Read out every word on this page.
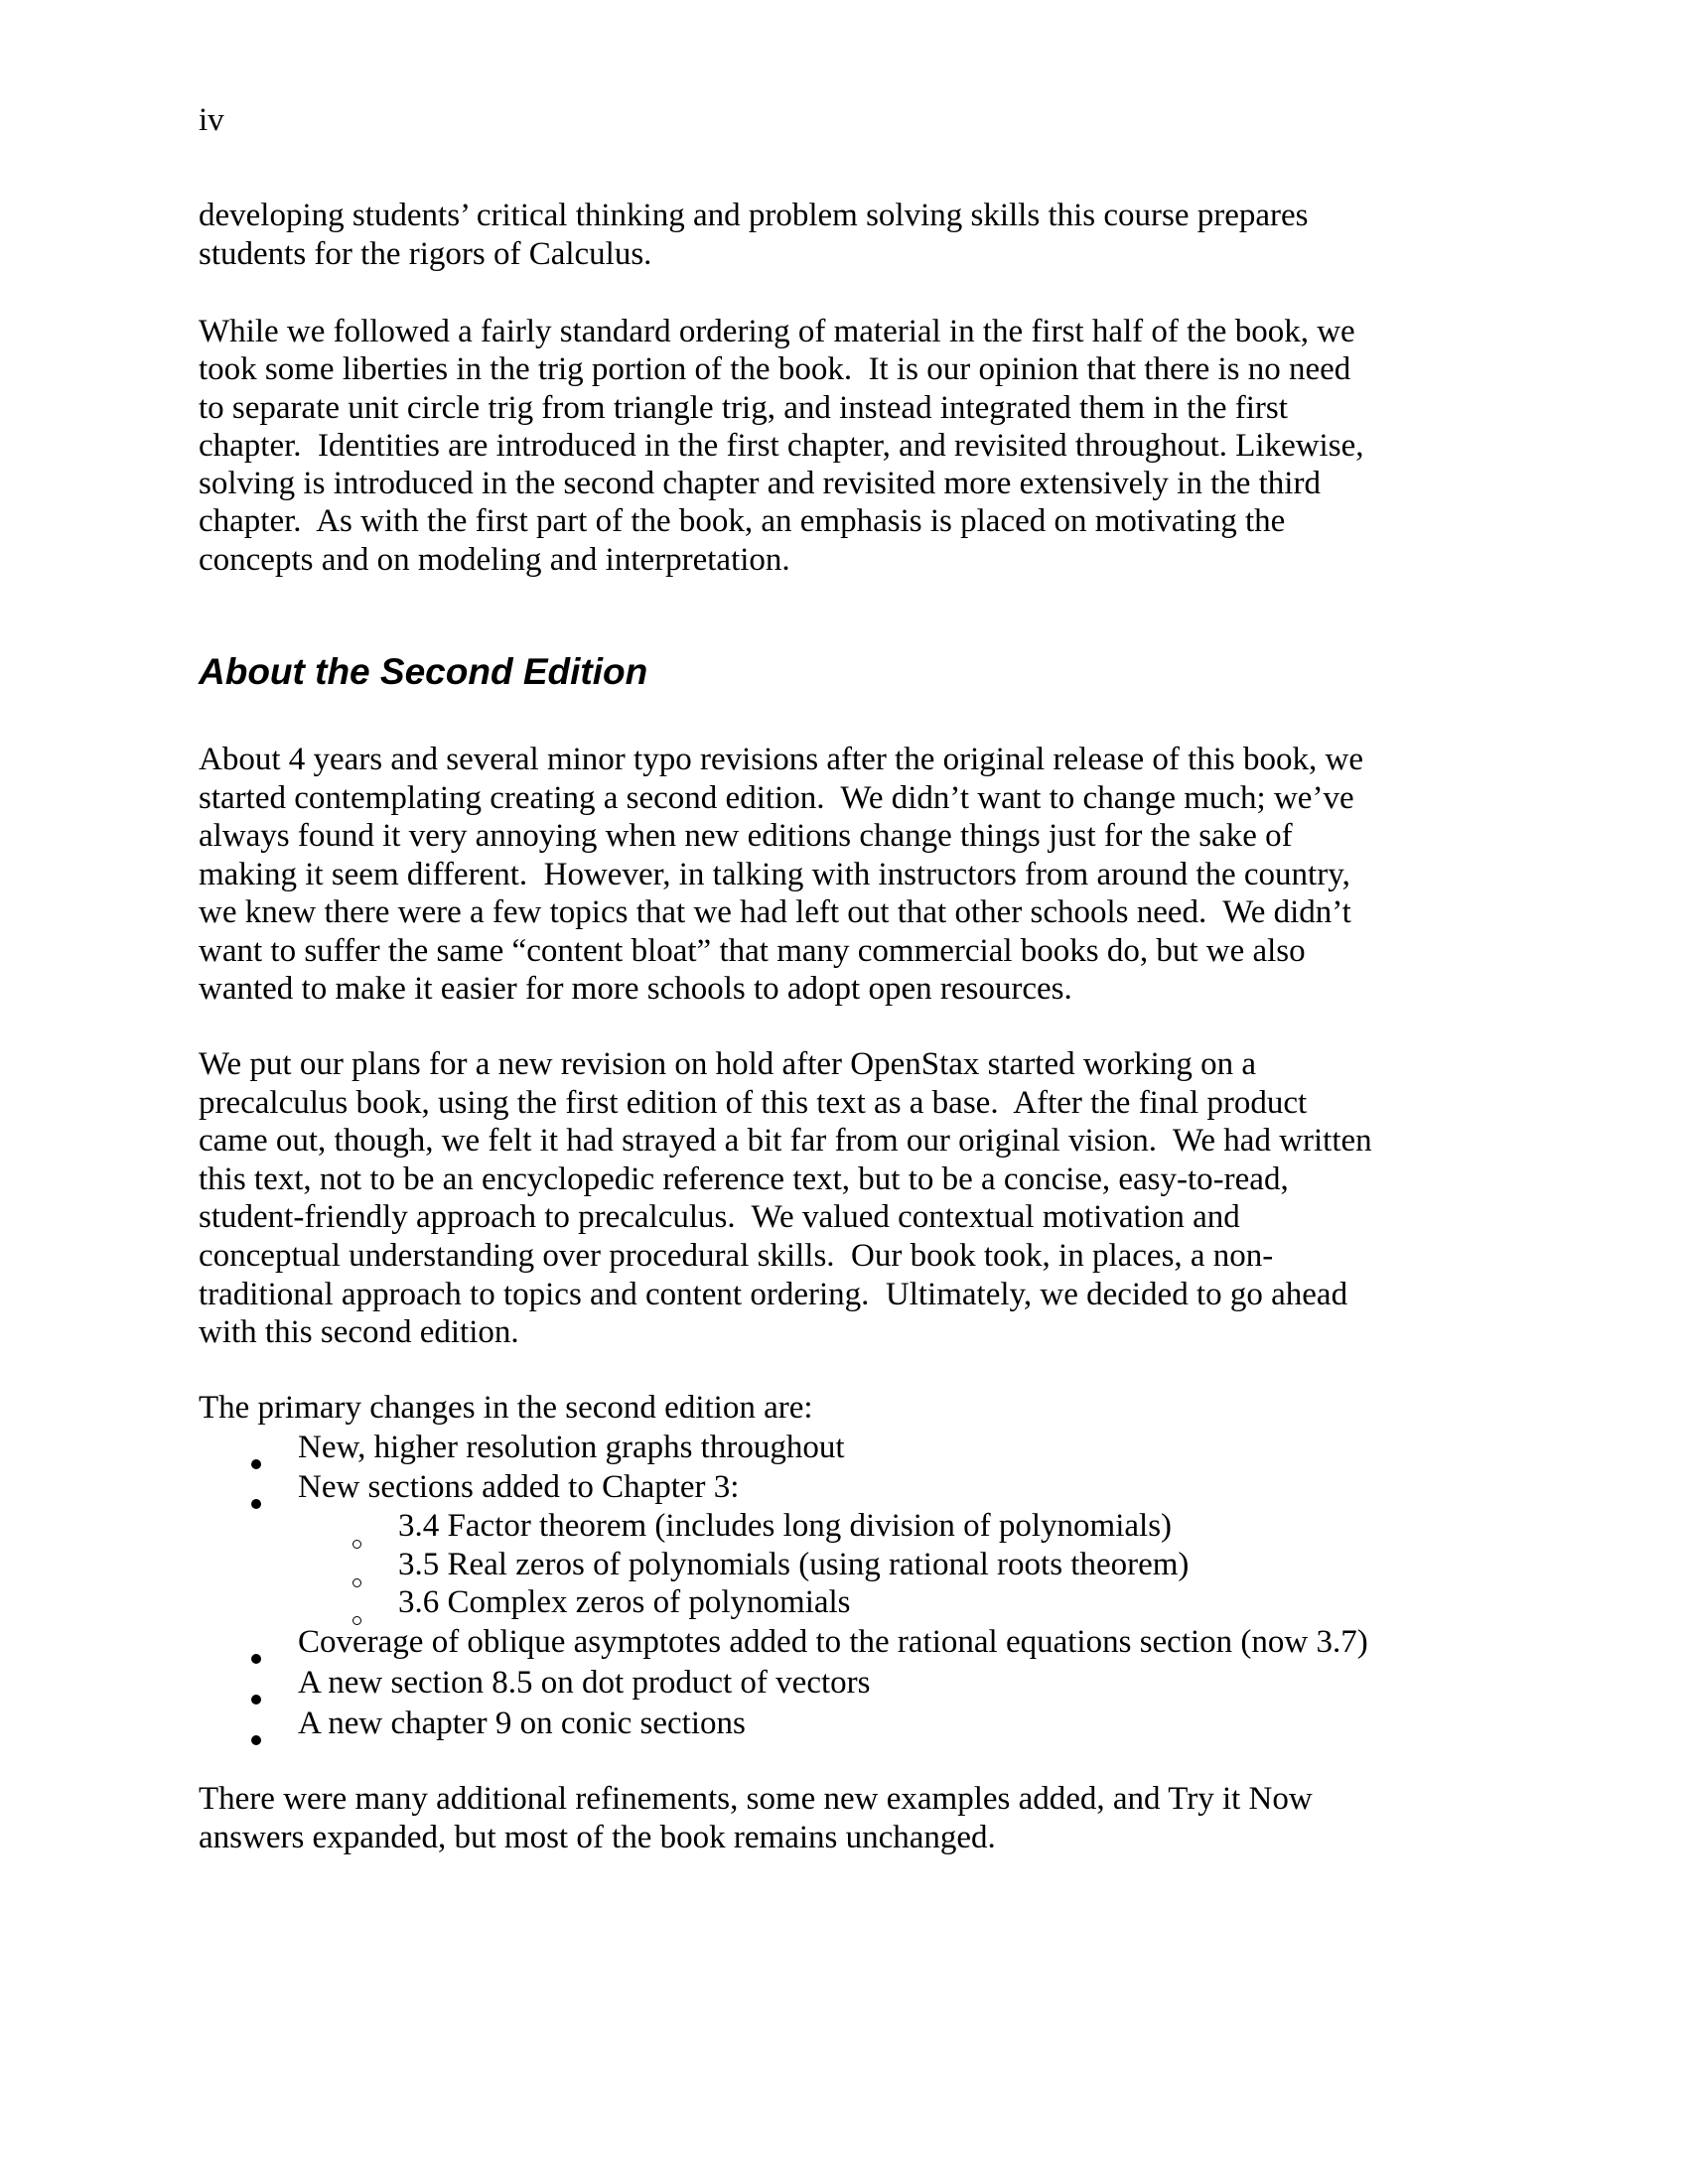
iv
developing students’ critical thinking and problem solving skills this course prepares
students for the rigors of Calculus.
While we followed a fairly standard ordering of material in the first half of the book, we
took some liberties in the trig portion of the book.  It is our opinion that there is no need
to separate unit circle trig from triangle trig, and instead integrated them in the first
chapter.  Identities are introduced in the first chapter, and revisited throughout. Likewise,
solving is introduced in the second chapter and revisited more extensively in the third
chapter.  As with the first part of the book, an emphasis is placed on motivating the
concepts and on modeling and interpretation.
About the Second Edition
About 4 years and several minor typo revisions after the original release of this book, we
started contemplating creating a second edition.  We didn’t want to change much; we’ve
always found it very annoying when new editions change things just for the sake of
making it seem different.  However, in talking with instructors from around the country,
we knew there were a few topics that we had left out that other schools need.  We didn’t
want to suffer the same “content bloat” that many commercial books do, but we also
wanted to make it easier for more schools to adopt open resources.
We put our plans for a new revision on hold after OpenStax started working on a
precalculus book, using the first edition of this text as a base.  After the final product
came out, though, we felt it had strayed a bit far from our original vision.  We had written
this text, not to be an encyclopedic reference text, but to be a concise, easy-to-read,
student-friendly approach to precalculus.  We valued contextual motivation and
conceptual understanding over procedural skills.  Our book took, in places, a non-
traditional approach to topics and content ordering.  Ultimately, we decided to go ahead
with this second edition.
The primary changes in the second edition are:
New, higher resolution graphs throughout
New sections added to Chapter 3:
3.4 Factor theorem (includes long division of polynomials)
3.5 Real zeros of polynomials (using rational roots theorem)
3.6 Complex zeros of polynomials
Coverage of oblique asymptotes added to the rational equations section (now 3.7)
A new section 8.5 on dot product of vectors
A new chapter 9 on conic sections
There were many additional refinements, some new examples added, and Try it Now
answers expanded, but most of the book remains unchanged.
